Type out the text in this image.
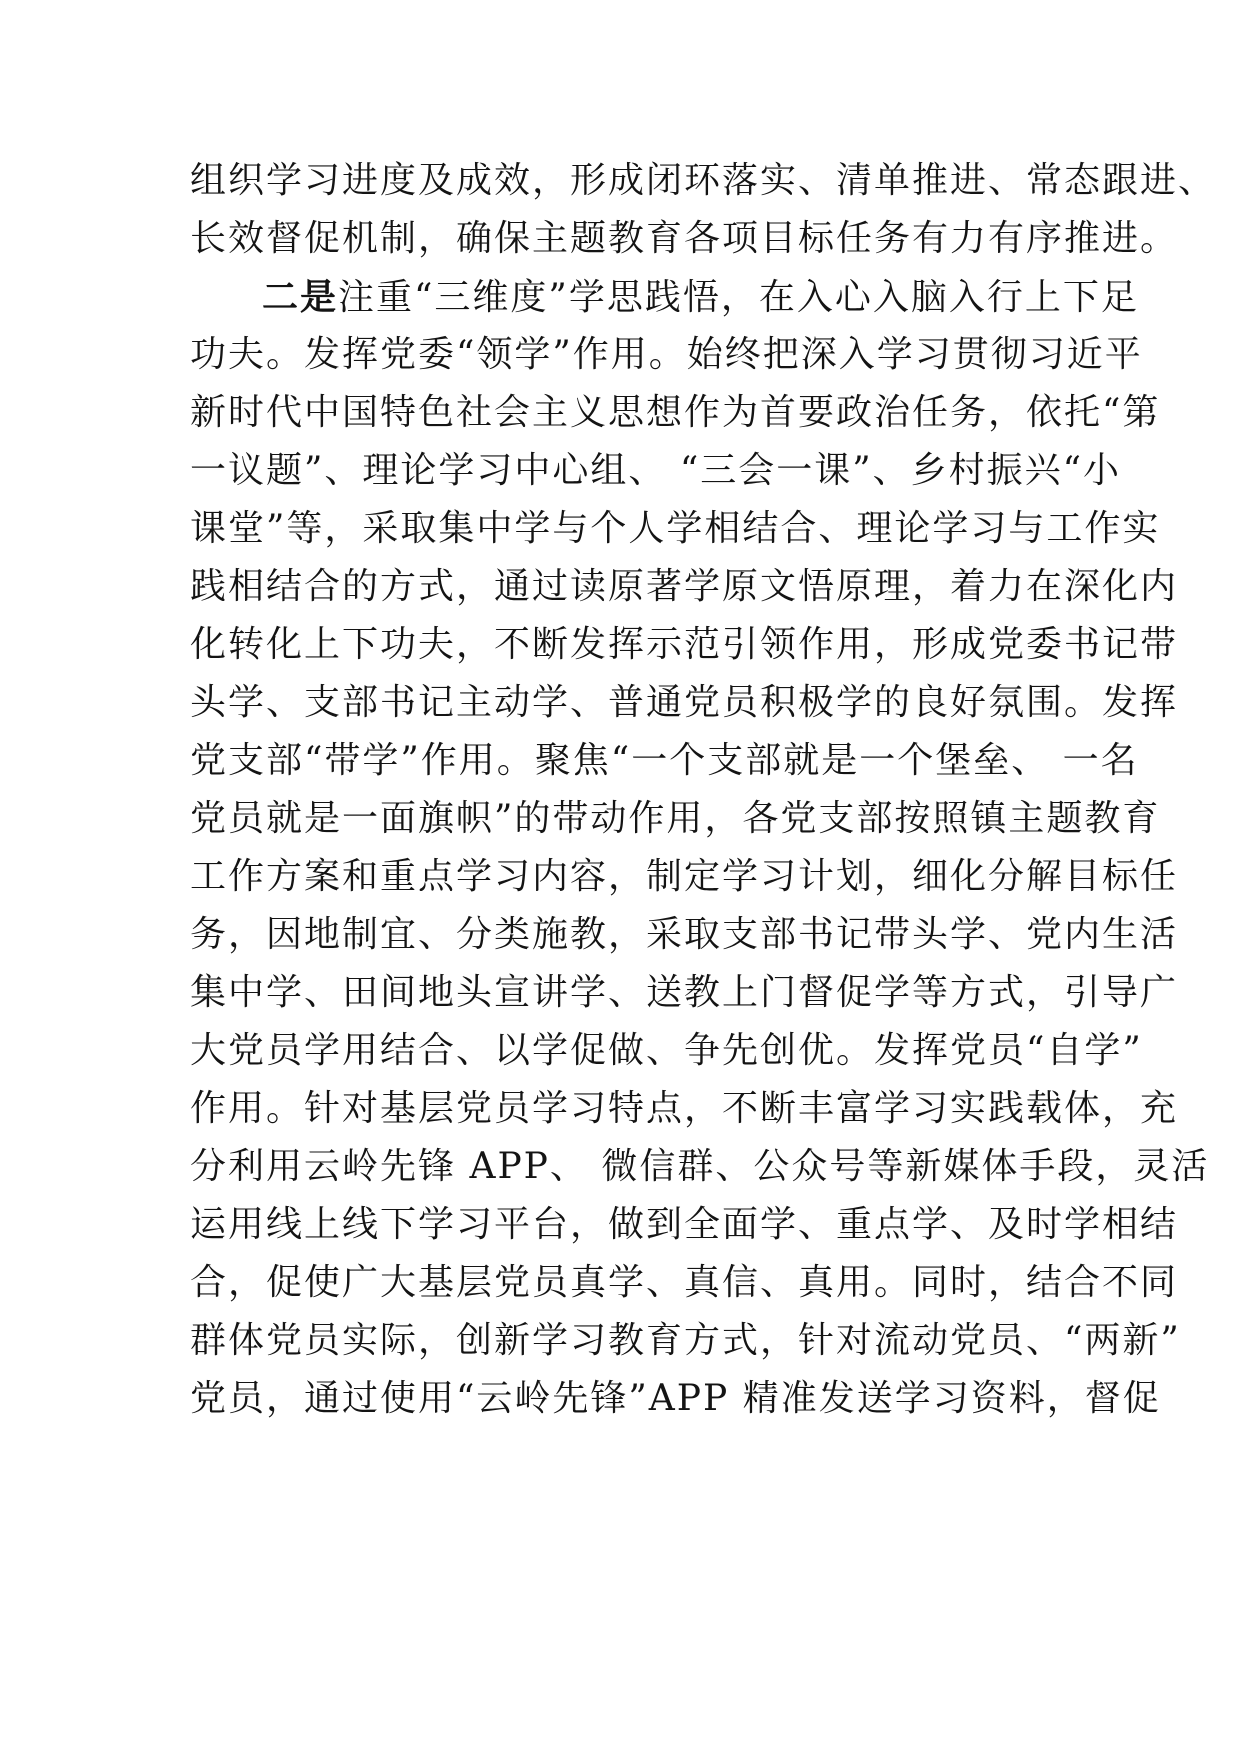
组织学习进度及成效，形成闭环落实、清单推进、常态跟进、
长效督促机制，确保主题教育各项目标任务有力有序推进。
二是注重“三维度”学思践悟，在入心入脑入行上下足
功夫。发挥党委“领学”作用。始终把深入学习贯彻习近平
新时代中国特色社会主义思想作为首要政治任务，依托“第
一议题”、理论学习中心组、 “三会一课”、乡村振兴“小
课堂”等，采取集中学与个人学相结合、理论学习与工作实
践相结合的方式，通过读原著学原文悟原理，着力在深化内
化转化上下功夫，不断发挥示范引领作用，形成党委书记带
头学、支部书记主动学、普通党员积极学的良好氛围。发挥
党支部“带学”作用。聚焦“一个支部就是一个堡垒、 一名
党员就是一面旗帜”的带动作用，各党支部按照镇主题教育
工作方案和重点学习内容，制定学习计划，细化分解目标任
务，因地制宜、分类施教，采取支部书记带头学、党内生活
集中学、田间地头宣讲学、送教上门督促学等方式，引导广
大党员学用结合、以学促做、争先创优。发挥党员“自学”
作用。针对基层党员学习特点，不断丰富学习实践载体，充
分利用云岭先锋 APP、 微信群、公众号等新媒体手段，灵活
运用线上线下学习平台，做到全面学、重点学、及时学相结
合，促使广大基层党员真学、真信、真用。同时，结合不同
群体党员实际，创新学习教育方式，针对流动党员、“两新”
党员，通过使用“云岭先锋”APP 精准发送学习资料，督促
